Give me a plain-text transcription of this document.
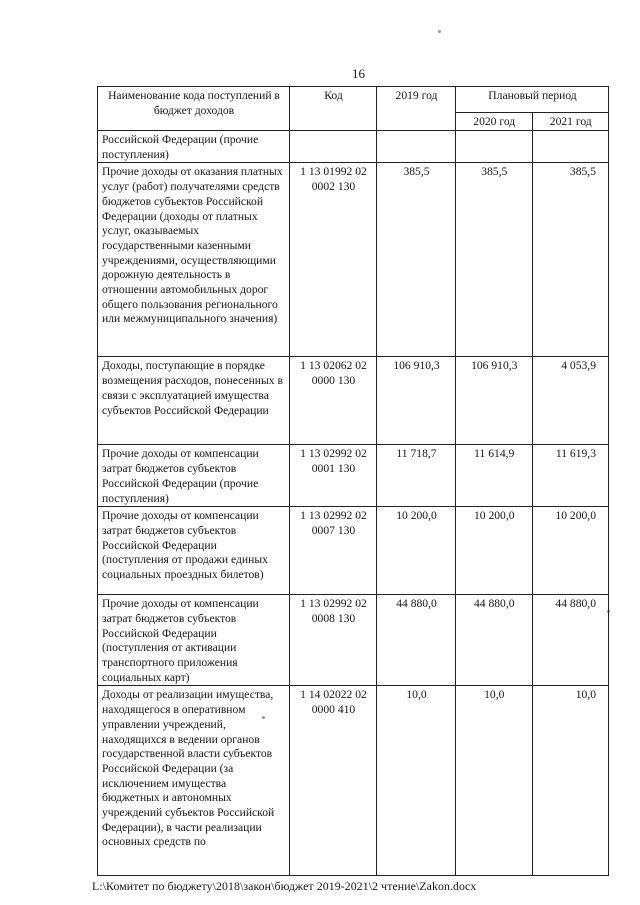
16
Наименование кода поступлений в бюджет доходов	Код	2019 год	Плановый период	
			2020 год	2021 год
Российской Федерации (прочие поступления)				
Прочие доходы от оказания платных услуг (работ) получателями средств бюджетов субъектов Российской Федерации (доходы от платных услуг, оказываемых государственными казенными учреждениями, осуществляющими дорожную деятельность в отношении автомобильных дорог общего пользования регионального или межмуниципального значения)	1 13 01992 02 0002 130	385,5	385,5	385,5
Доходы, поступающие в порядке возмещения расходов, понесенных в связи с эксплуатацией имущества субъектов Российской Федерации	1 13 02062 02 0000 130	106 910,3	106 910,3	4 053,9
Прочие доходы от компенсации затрат бюджетов субъектов Российской Федерации (прочие поступления)	1 13 02992 02 0001 130	11 718,7	11 614,9	11 619,3
Прочие доходы от компенсации затрат бюджетов субъектов Российской Федерации (поступления от продажи единых социальных проездных билетов)	1 13 02992 02 0007 130	10 200,0	10 200,0	10 200,0
Прочие доходы от компенсации затрат бюджетов субъектов Российской Федерации (поступления от активации транспортного приложения социальных карт)	1 13 02992 02 0008 130	44 880,0	44 880,0	44 880,0
Доходы от реализации имущества, находящегося в оперативном управлении учреждений, находящихся в ведении органов государственной власти субъектов Российской Федерации (за исключением имущества бюджетных и автономных учреждений субъектов Российской Федерации), в части реализации основных средств по	1 14 02022 02 0000 410	10,0	10,0	10,0
L:\Комитет по бюджету\2018\закон\бюджет 2019-2021\2 чтение\Zakon.docx
